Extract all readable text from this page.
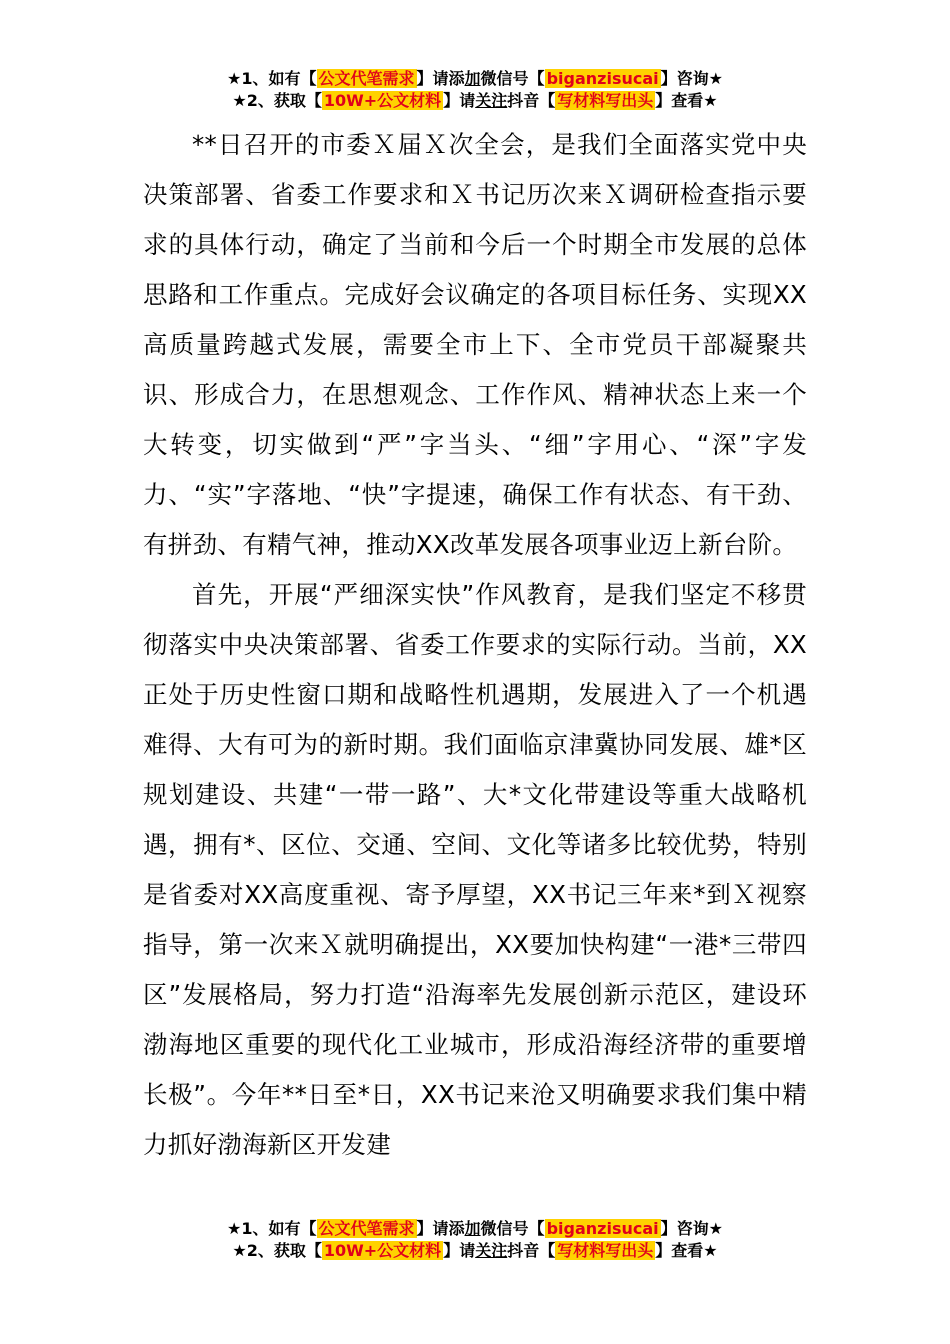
★1、如有【 公文代笔需求 】请添加微信号【 biganzisucai 】咨询★
★2、获取【 10W+公文材料 】请关注抖音【 写材料写出头 】查看★

**日召开的市委Ｘ届Ｘ次全会，是我们全面落实党中央决策部署、省委工作要求和Ｘ书记历次来Ｘ调研检查指示要求的具体行动，确定了当前和今后一个时期全市发展的总体思路和工作重点。完成好会议确定的各项目标任务、实现XX高质量跨越式发展，需要全市上下、全市党员干部凝聚共识、形成合力，在思想观念、工作作风、精神状态上来一个大转变，切实做到“严”字当头、“细”字用心、“深”字发力、“实”字落地、“快”字提速，确保工作有状态、有干劲、有拼劲、有精气神，推动XX改革发展各项事业迈上新台阶。

首先，开展“严细深实快”作风教育，是我们坚定不移贯彻落实中央决策部署、省委工作要求的实际行动。当前，XX正处于历史性窗口期和战略性机遇期，发展进入了一个机遇难得、大有可为的新时期。我们面临京津冀协同发展、雄*区规划建设、共建“一带一路”、大*文化带建设等重大战略机遇，拥有*、区位、交通、空间、文化等诸多比较优势，特别是省委对XX高度重视、寄予厚望，XX书记三年来*到Ｘ视察指导，第一次来Ｘ就明确提出，XX要加快构建“一港*三带四区”发展格局，努力打造“沿海率先发展创新示范区，建设环渤海地区重要的现代化工业城市，形成沿海经济带的重要增长极”。今年**日至*日，XX书记来沧又明确要求我们集中精力抓好渤海新区开发建

★1、如有【 公文代笔需求 】请添加微信号【 biganzisucai 】咨询★
★2、获取【 10W+公文材料 】请关注抖音【 写材料写出头 】查看★
